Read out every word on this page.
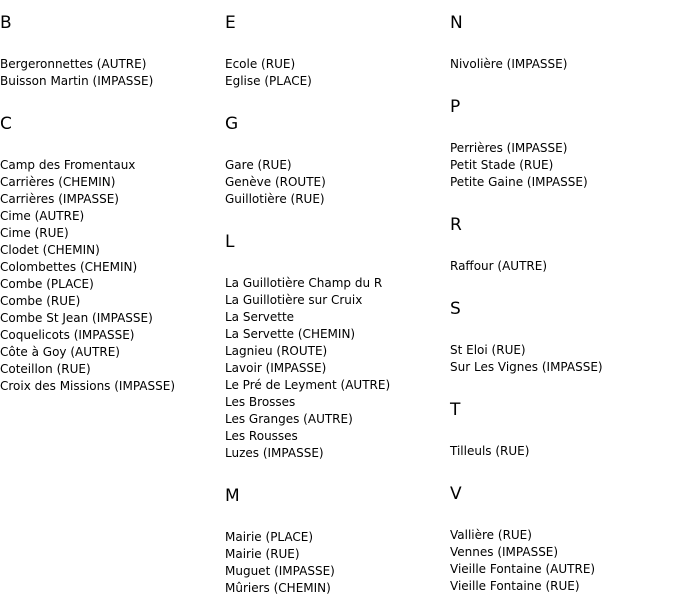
B
Bergeronnettes (AUTRE)
Buisson Martin (IMPASSE)
C
Camp des Fromentaux
Carrières (CHEMIN)
Carrières (IMPASSE)
Cime (AUTRE)
Cime (RUE)
Clodet (CHEMIN)
Colombettes (CHEMIN)
Combe (PLACE)
Combe (RUE)
Combe St Jean (IMPASSE)
Coquelicots (IMPASSE)
Côte à Goy (AUTRE)
Coteillon (RUE)
Croix des Missions (IMPASSE)
E
Ecole (RUE)
Eglise (PLACE)
G
Gare (RUE)
Genève (ROUTE)
Guillotière (RUE)
L
La Guillotière Champ du R
La Guillotière sur Cruix
La Servette
La Servette (CHEMIN)
Lagnieu (ROUTE)
Lavoir (IMPASSE)
Le Pré de Leyment (AUTRE)
Les Brosses
Les Granges (AUTRE)
Les Rousses
Luzes (IMPASSE)
M
Mairie (PLACE)
Mairie (RUE)
Muguet (IMPASSE)
Mûriers (CHEMIN)
N
Nivolière (IMPASSE)
P
Perrières (IMPASSE)
Petit Stade (RUE)
Petite Gaine (IMPASSE)
R
Raffour (AUTRE)
S
St Eloi (RUE)
Sur Les Vignes (IMPASSE)
T
Tilleuls (RUE)
V
Vallière (RUE)
Vennes (IMPASSE)
Vieille Fontaine (AUTRE)
Vieille Fontaine (RUE)
